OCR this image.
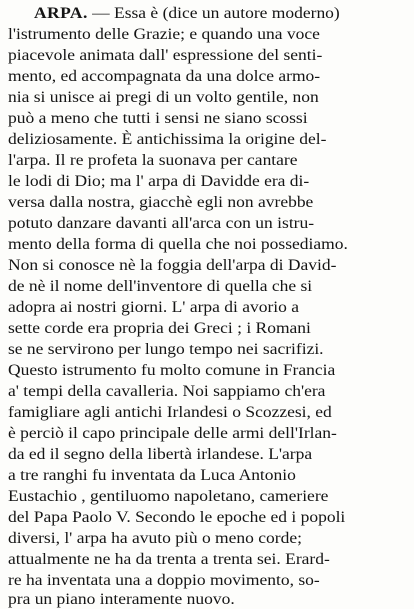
ARPA. — Essa è (dice un autore moderno)
l'istrumento delle Grazie; e quando una voce
piacevole animata dall' espressione del senti-
mento, ed accompagnata da una dolce armo-
nia si unisce ai pregi di un volto gentile, non
può a meno che tutti i sensi ne siano scossi
deliziosamente. È antichissima la origine del-
l'arpa. Il re profeta la suonava per cantare
le lodi di Dio; ma l' arpa di Davidde era di-
versa dalla nostra, giacchè egli non avrebbe
potuto danzare davanti all'arca con un istru-
mento della forma di quella che noi possediamo.
Non si conosce nè la foggia dell'arpa di David-
de nè il nome dell'inventore di quella che si
adopra ai nostri giorni. L' arpa di avorio a
sette corde era propria dei Greci ; i Romani
se ne servirono per lungo tempo nei sacrifizi.
Questo istrumento fu molto comune in Francia
a' tempi della cavalleria. Noi sappiamo ch'era
famigliare agli antichi Irlandesi o Scozzesi, ed
è perciò il capo principale delle armi dell'Irlan-
da ed il segno della libertà irlandese. L'arpa
a tre ranghi fu inventata da Luca Antonio
Eustachio , gentiluomo napoletano, cameriere
del Papa Paolo V. Secondo le epoche ed i popoli
diversi, l' arpa ha avuto più o meno corde;
attualmente ne ha da trenta a trenta sei. Erard-
re ha inventata una a doppio movimento, so-
pra un piano interamente nuovo.
